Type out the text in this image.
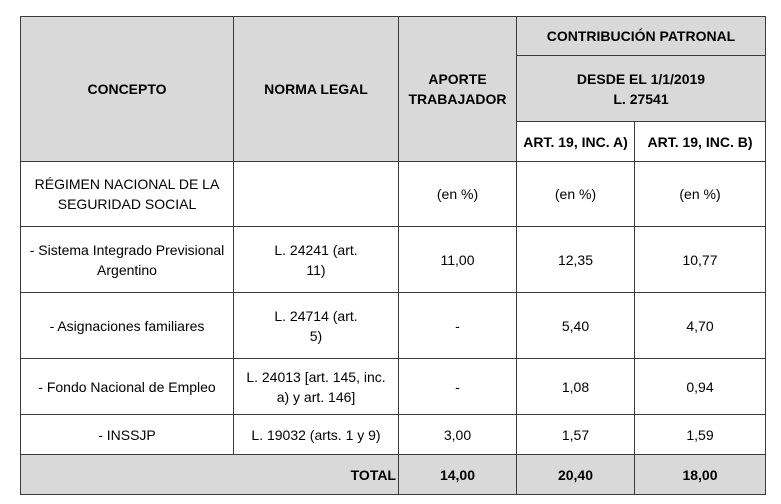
CONCEPTO	NORMA LEGAL	APORTE TRABAJADOR	CONTRIBUCIÓN PATRONAL	

			DESDE EL 1/1/2019
L. 27541	

			ART. 19, INC. A)	ART. 19, INC. B)
RÉGIMEN NACIONAL DE LA SEGURIDAD SOCIAL		(en %)	(en %)	(en %)
- Sistema Integrado Previsional Argentino	L. 24241 (art. 11)	11,00	12,35	10,77
- Asignaciones familiares	L. 24714 (art. 5)	-	5,40	4,70
- Fondo Nacional de Empleo	L. 24013 [art. 145, inc. a) y art. 146]	-	1,08	0,94
- INSSJP	L. 19032 (arts. 1 y 9)	3,00	1,57	1,59
TOTAL		14,00	20,40	18,00
